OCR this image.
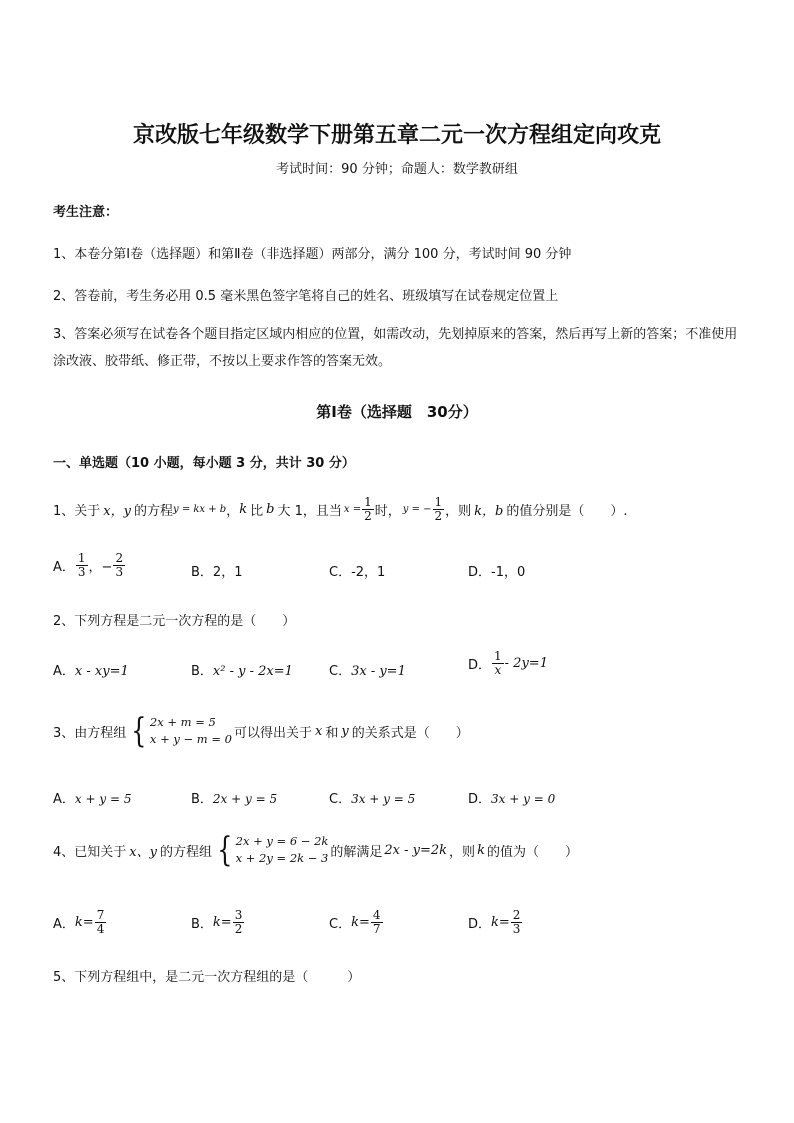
京改版七年级数学下册第五章二元一次方程组定向攻克
考试时间：90 分钟；命题人：数学教研组
考生注意：
1、本卷分第Ⅰ卷（选择题）和第Ⅱ卷（非选择题）两部分，满分 100 分，考试时间 90 分钟
2、答卷前，考生务必用 0.5 毫米黑色签字笔将自己的姓名、班级填写在试卷规定位置上
3、答案必须写在试卷各个题目指定区域内相应的位置，如需改动，先划掉原来的答案，然后再写上新的答案；不准使用涂改液、胶带纸、修正带，不按以上要求作答的答案无效。
第Ⅰ卷（选择题　30分）
一、单选题（10 小题，每小题 3 分，共计 30 分）
1、关于 x，y 的方程 y = kx + b ， k 比 b 大 1，且当 $x = \frac{1}{2}$ 时， y = − $\frac{1}{2}$ ，则 k，b 的值分别是（　　）.
A． $\frac{1}{3}$ ，− $\frac{2}{3}$	B．2，1	C．-2，1	D．-1，0
2、下列方程是二元一次方程的是（　　）
A．x - xy=1	B．x² - y - 2x=1	C．3x - y=1	D． $\frac{1}{x} - 2y=1$
3、由方程组 { 2x + m = 5
x + y − m = 0 可以得出关于 x 和 y 的关系式是（　　）
A．x + y = 5	B．2x + y = 5	C．3x + y = 5	D．3x + y = 0
4、已知关于 x、y 的方程组 { 2x + y = 6 − 2k
x + 2y = 2k − 3 的解满足 2x - y=2k ，则 k 的值为（　　）
A． $k= \frac{7}{4}$	B． $k= \frac{3}{2}$	C． $k= \frac{4}{7}$	D． $k= \frac{2}{3}$
5、下列方程组中，是二元一次方程组的是（　　　）
